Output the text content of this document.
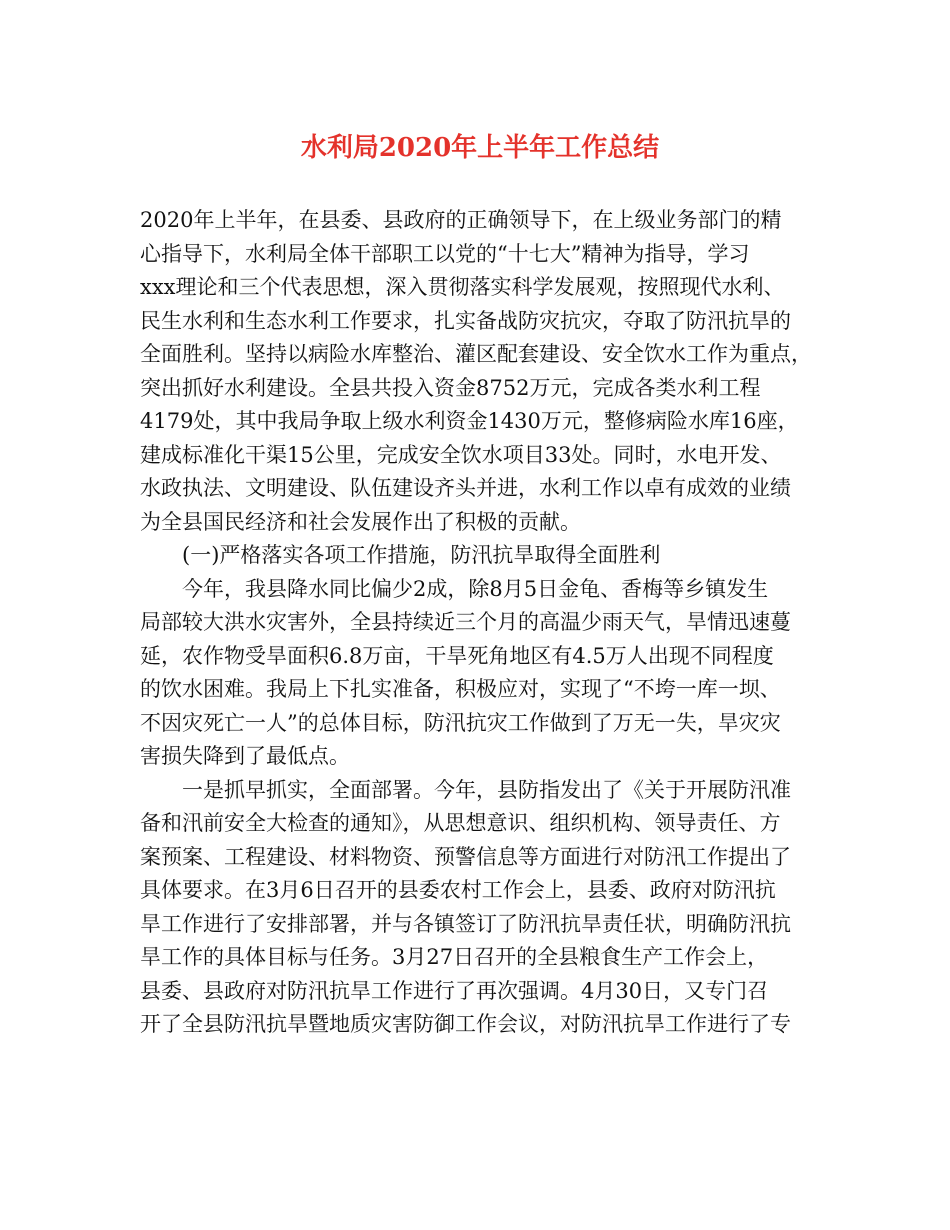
水利局2020年上半年工作总结
2020年上半年，在县委、县政府的正确领导下，在上级业务部门的精
心指导下，水利局全体干部职工以党的“十七大”精神为指导，学习
xxx理论和三个代表思想，深入贯彻落实科学发展观，按照现代水利、
民生水利和生态水利工作要求，扎实备战防灾抗灾，夺取了防汛抗旱的
全面胜利。坚持以病险水库整治、灌区配套建设、安全饮水工作为重点，
突出抓好水利建设。全县共投入资金8752万元，完成各类水利工程
4179处，其中我局争取上级水利资金1430万元，整修病险水库16座，
建成标准化干渠15公里，完成安全饮水项目33处。同时，水电开发、
水政执法、文明建设、队伍建设齐头并进，水利工作以卓有成效的业绩
为全县国民经济和社会发展作出了积极的贡献。
(一)严格落实各项工作措施，防汛抗旱取得全面胜利
今年，我县降水同比偏少2成，除8月5日金龟、香梅等乡镇发生
局部较大洪水灾害外，全县持续近三个月的高温少雨天气，旱情迅速蔓
延，农作物受旱面积6.8万亩，干旱死角地区有4.5万人出现不同程度
的饮水困难。我局上下扎实准备，积极应对，实现了“不垮一库一坝、
不因灾死亡一人”的总体目标，防汛抗灾工作做到了万无一失，旱灾灾
害损失降到了最低点。
一是抓早抓实，全面部署。今年，县防指发出了《关于开展防汛准
备和汛前安全大检查的通知》，从思想意识、组织机构、领导责任、方
案预案、工程建设、材料物资、预警信息等方面进行对防汛工作提出了
具体要求。在3月6日召开的县委农村工作会上，县委、政府对防汛抗
旱工作进行了安排部署，并与各镇签订了防汛抗旱责任状，明确防汛抗
旱工作的具体目标与任务。3月27日召开的全县粮食生产工作会上，
县委、县政府对防汛抗旱工作进行了再次强调。4月30日，又专门召
开了全县防汛抗旱暨地质灾害防御工作会议，对防汛抗旱工作进行了专
